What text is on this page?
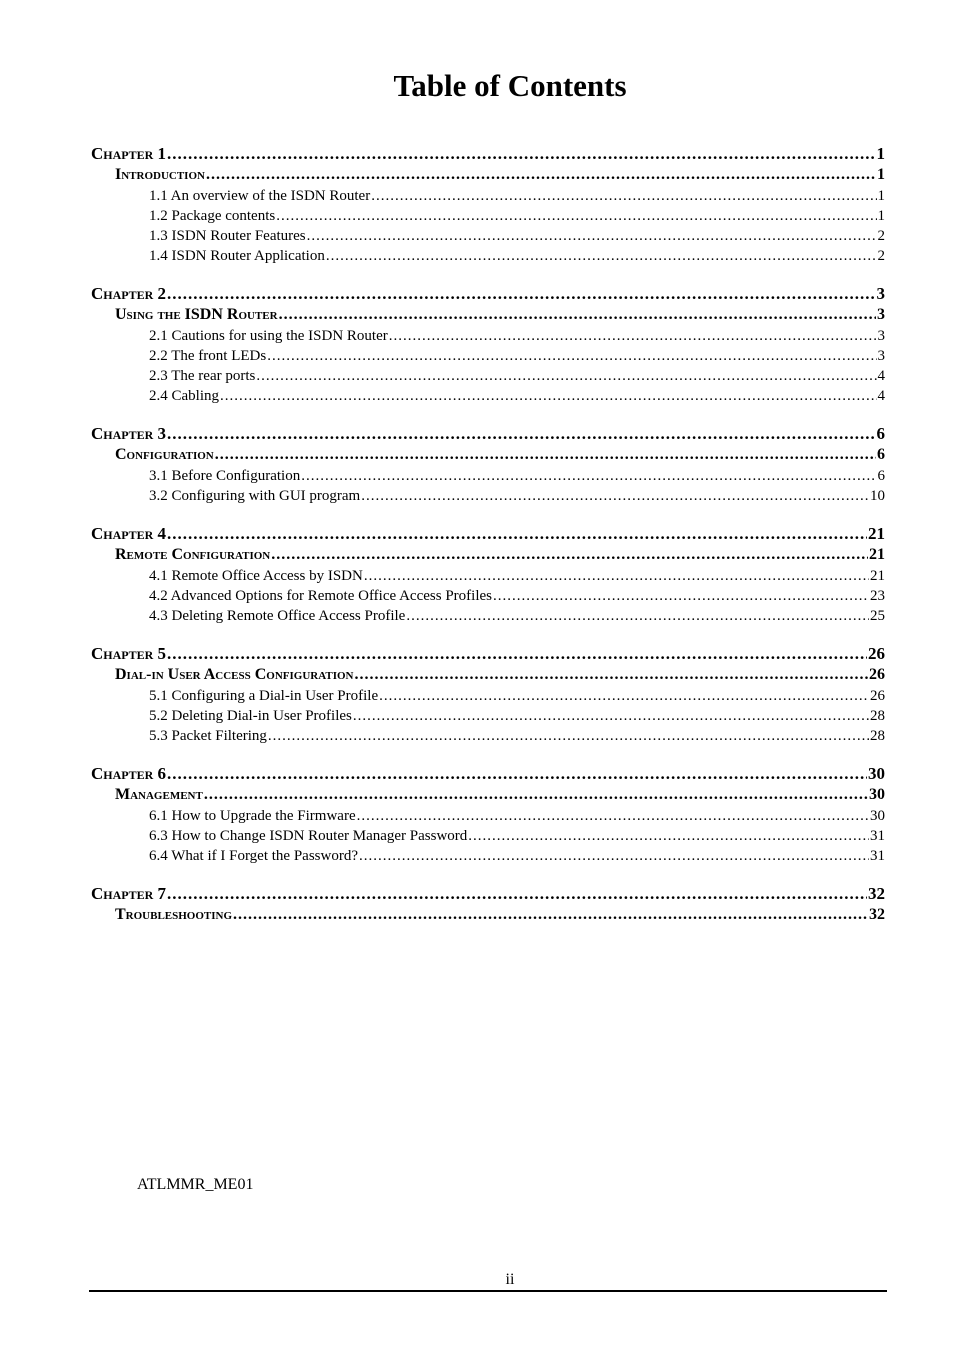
Table of Contents
Chapter 1 .....	1
Introduction .....	1
1.1 An overview of the ISDN Router .....	1
1.2 Package contents .....	1
1.3 ISDN Router Features .....	2
1.4 ISDN Router Application .....	2
Chapter 2 .....	3
Using the ISDN Router .....	3
2.1 Cautions for using the ISDN Router .....	3
2.2 The front LEDs .....	3
2.3 The rear ports .....	4
2.4 Cabling .....	4
Chapter 3 .....	6
Configuration .....	6
3.1 Before Configuration .....	6
3.2 Configuring with GUI program .....	10
Chapter 4 .....	21
Remote Configuration .....	21
4.1 Remote Office Access by ISDN .....	21
4.2 Advanced Options for Remote Office Access Profiles .....	23
4.3 Deleting Remote Office Access Profile .....	25
Chapter 5 .....	26
Dial-in User Access Configuration .....	26
5.1 Configuring a Dial-in User Profile .....	26
5.2 Deleting Dial-in User Profiles .....	28
5.3 Packet Filtering .....	28
Chapter 6 .....	30
Management .....	30
6.1 How to Upgrade the Firmware .....	30
6.3 How to Change ISDN Router Manager Password .....	31
6.4 What if I Forget the Password? .....	31
Chapter 7 .....	32
Troubleshooting .....	32
ATLMMR_ME01
ii
